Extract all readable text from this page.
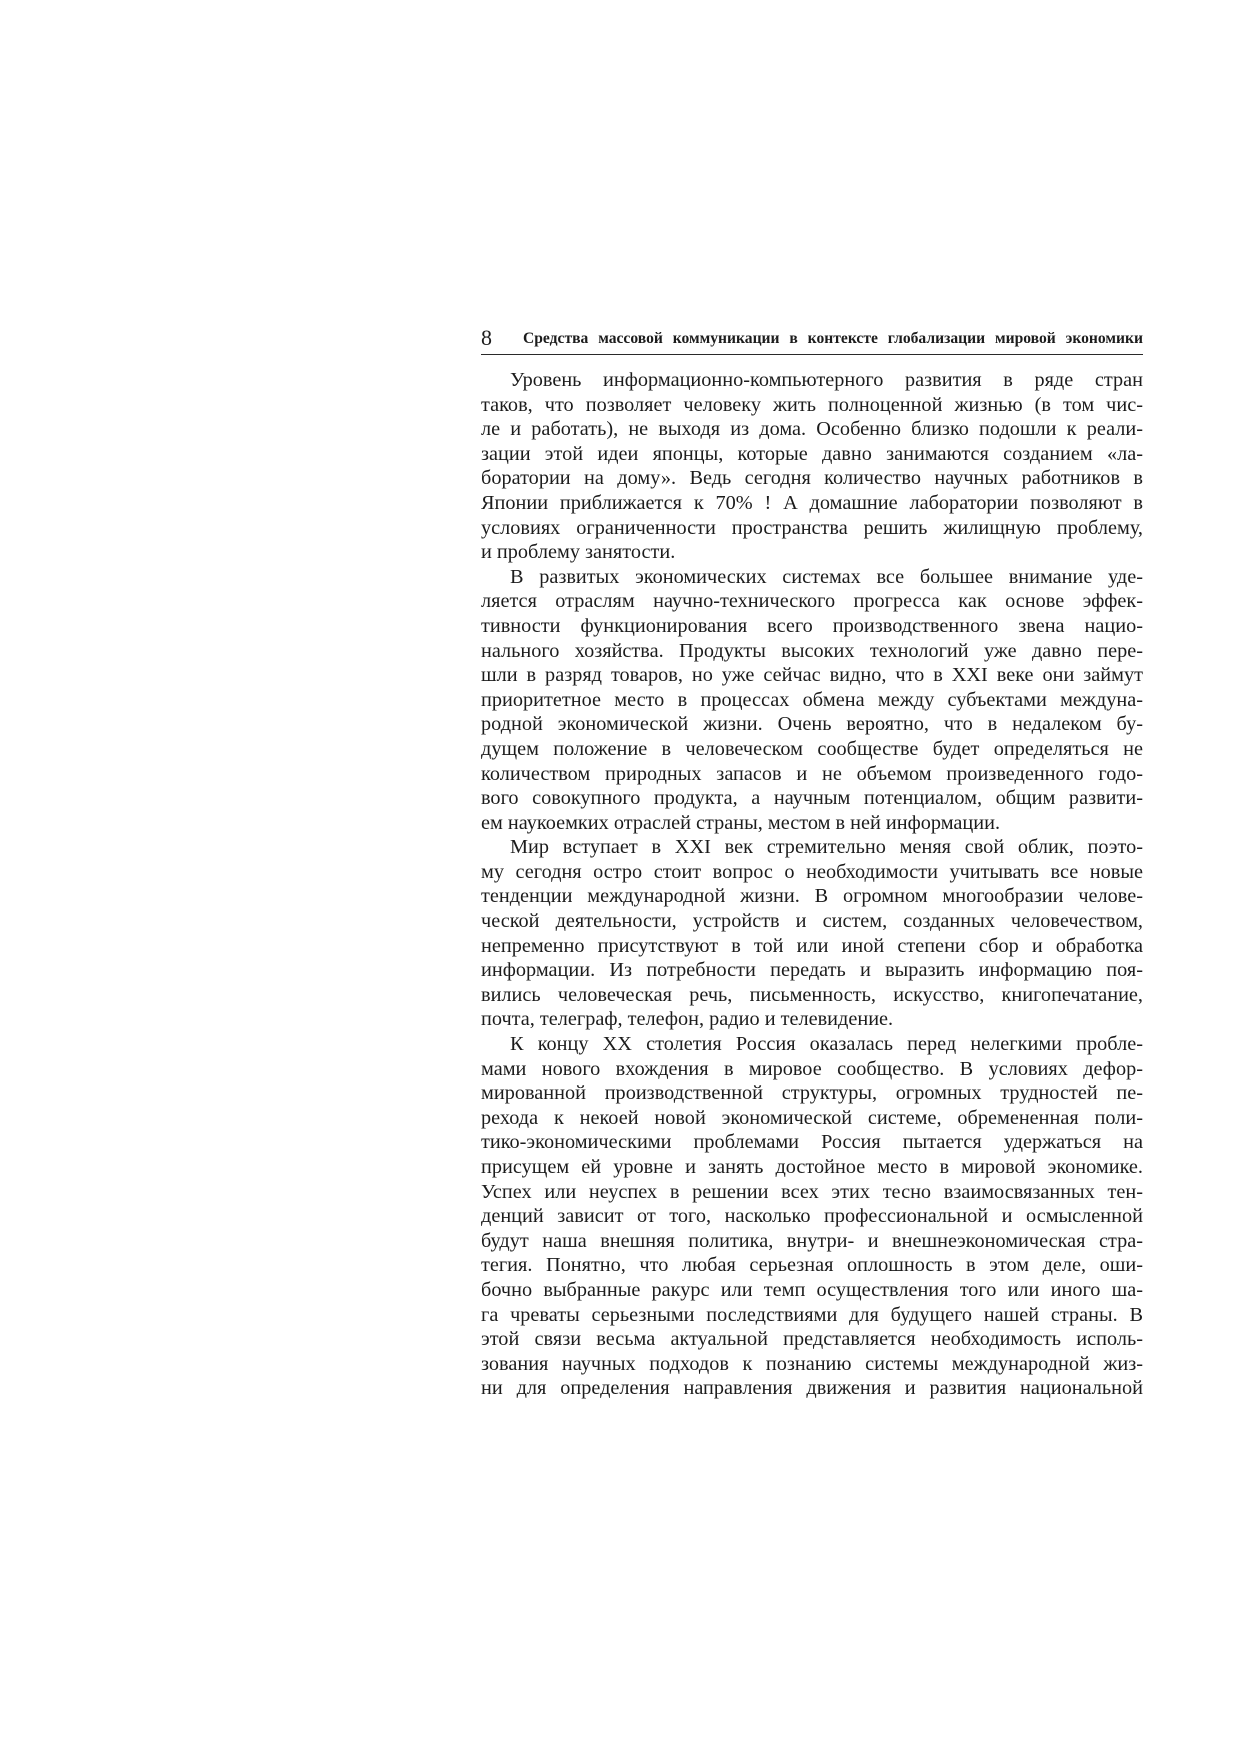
8 Средства массовой коммуникации в контексте глобализации мировой экономики
Уровень информационно-компьютерного развития в ряде стран
таков, что позволяет человеку жить полноценной жизнью (в том чис-
ле и работать), не выходя из дома. Особенно близко подошли к реали-
зации этой идеи японцы, которые давно занимаются созданием «ла-
боратории на дому». Ведь сегодня количество научных работников в
Японии приближается к 70% ! А домашние лаборатории позволяют в
условиях ограниченности пространства решить жилищную проблему,
и проблему занятости.
В развитых экономических системах все большее внимание уде-
ляется отраслям научно-технического прогресса как основе эффек-
тивности функционирования всего производственного звена нацио-
нального хозяйства. Продукты высоких технологий уже давно пере-
шли в разряд товаров, но уже сейчас видно, что в XXI веке они займут
приоритетное место в процессах обмена между субъектами междуна-
родной экономической жизни. Очень вероятно, что в недалеком бу-
дущем положение в человеческом сообществе будет определяться не
количеством природных запасов и не объемом произведенного годо-
вого совокупного продукта, а научным потенциалом, общим развити-
ем наукоемких отраслей страны, местом в ней информации.
Мир вступает в XXI век стремительно меняя свой облик, поэто-
му сегодня остро стоит вопрос о необходимости учитывать все новые
тенденции международной жизни. В огромном многообразии челове-
ческой деятельности, устройств и систем, созданных человечеством,
непременно присутствуют в той или иной степени сбор и обработка
информации. Из потребности передать и выразить информацию поя-
вились человеческая речь, письменность, искусство, книгопечатание,
почта, телеграф, телефон, радио и телевидение.
К концу XX столетия Россия оказалась перед нелегкими пробле-
мами нового вхождения в мировое сообщество. В условиях дефор-
мированной производственной структуры, огромных трудностей пе-
рехода к некоей новой экономической системе, обремененная поли-
тико-экономическими проблемами Россия пытается удержаться на
присущем ей уровне и занять достойное место в мировой экономике.
Успех или неуспех в решении всех этих тесно взаимосвязанных тен-
денций зависит от того, насколько профессиональной и осмысленной
будут наша внешняя политика, внутри- и внешнеэкономическая стра-
тегия. Понятно, что любая серьезная оплошность в этом деле, оши-
бочно выбранные ракурс или темп осуществления того или иного ша-
га чреваты серьезными последствиями для будущего нашей страны. В
этой связи весьма актуальной представляется необходимость исполь-
зования научных подходов к познанию системы международной жиз-
ни для определения направления движения и развития национальной
